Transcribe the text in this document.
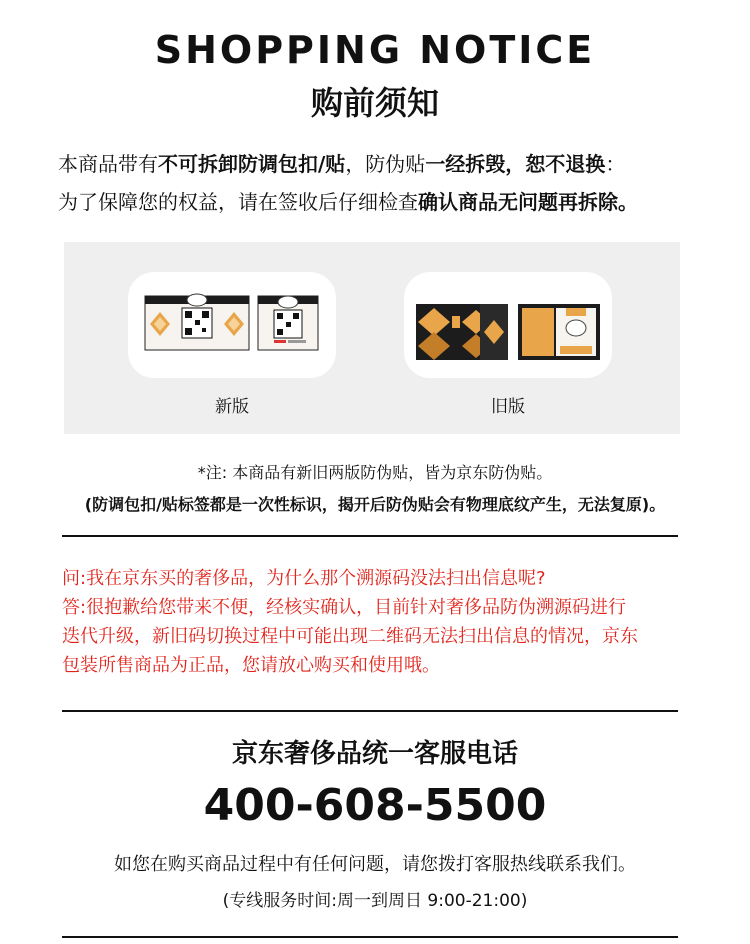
SHOPPING NOTICE
购前须知
本商品带有不可拆卸防调包扣/贴，防伪贴一经拆毁，恕不退换：
为了保障您的权益，请在签收后仔细检查确认商品无问题再拆除。
新版	旧版
*注: 本商品有新旧两版防伪贴，皆为京东防伪贴。
(防调包扣/贴标签都是一次性标识，揭开后防伪贴会有物理底纹产生，无法复原)。
问:我在京东买的奢侈品，为什么那个溯源码没法扫出信息呢?
答:很抱歉给您带来不便，经核实确认，目前针对奢侈品防伪溯源码进行
迭代升级，新旧码切换过程中可能出现二维码无法扫出信息的情况，京东
包装所售商品为正品，您请放心购买和使用哦。
京东奢侈品统一客服电话
400-608-5500
如您在购买商品过程中有任何问题，请您拨打客服热线联系我们。
(专线服务时间:周一到周日 9:00-21:00)
